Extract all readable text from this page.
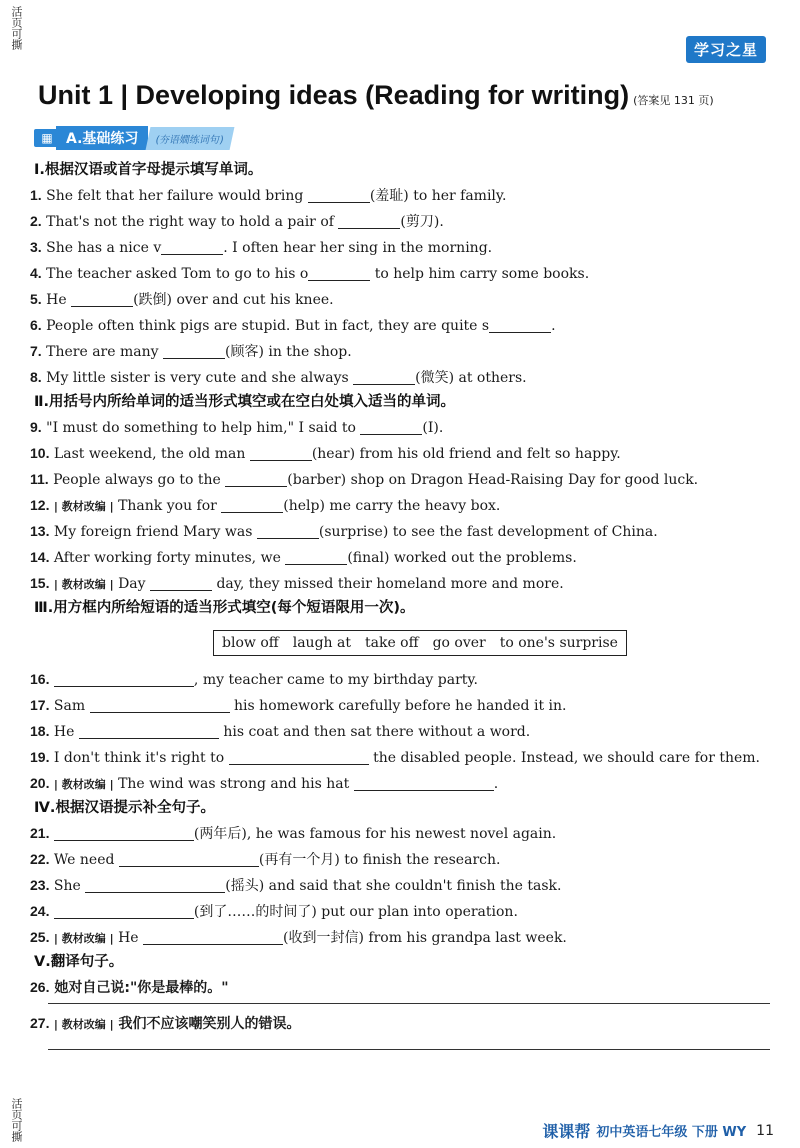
活页可撕	学习之星
Unit 1 | Developing ideas (Reading for writing) (答案见 131 页)
▦ A.基础练习	(夯语嫺练词句)
Ⅰ.根据汉语或首字母提示填写单词。
1. She felt that her failure would bring	(羞耻) to her family.
2. That's not the right way to hold a pair of	(剪刀).
3. She has a nice v	. I often hear her sing in the morning.
4. The teacher asked Tom to go to his o	to help him carry some books.
5. He	(跌倒) over and cut his knee.
6. People often think pigs are stupid. But in fact, they are quite s	.
7. There are many	(顾客) in the shop.
8. My little sister is very cute and she always	(微笑) at others.
Ⅱ.用括号内所给单词的适当形式填空或在空白处填入适当的单词。
9. "I must do something to help him," I said to	(I).
10. Last weekend, the old man	(hear) from his old friend and felt so happy.
11. People always go to the	(barber) shop on Dragon Head-Raising Day for good luck.
12. | 教材改编 | Thank you for	(help) me carry the heavy box.
13. My foreign friend Mary was	(surprise) to see the fast development of China.
14. After working forty minutes, we	(final) worked out the problems.
15. | 教材改编 | Day	day, they missed their homeland more and more.
Ⅲ.用方框内所给短语的适当形式填空(每个短语限用一次)。
blow off laugh at take off go over to one's surprise
16.	, my teacher came to my birthday party.
17. Sam	his homework carefully before he handed it in.
18. He	his coat and then sat there without a word.
19. I don't think it's right to	the disabled people. Instead, we should care for them.
20. | 教材改编 | The wind was strong and his hat	.
Ⅳ.根据汉语提示补全句子。
21.	(两年后), he was famous for his newest novel again.
22. We need	(再有一个月) to finish the research.
23. She	(摇头) and said that she couldn't finish the task.
24.	(到了……的时间了) put our plan into operation.
25. | 教材改编 | He	(收到一封信) from his grandpa last week.
Ⅴ.翻译句子。
26. 她对自己说:"你是最棒的。"
27. | 教材改编 | 我们不应该嘲笑别人的错误。
活页可撕	课课帮 初中英语七年级 下册 WY 11
